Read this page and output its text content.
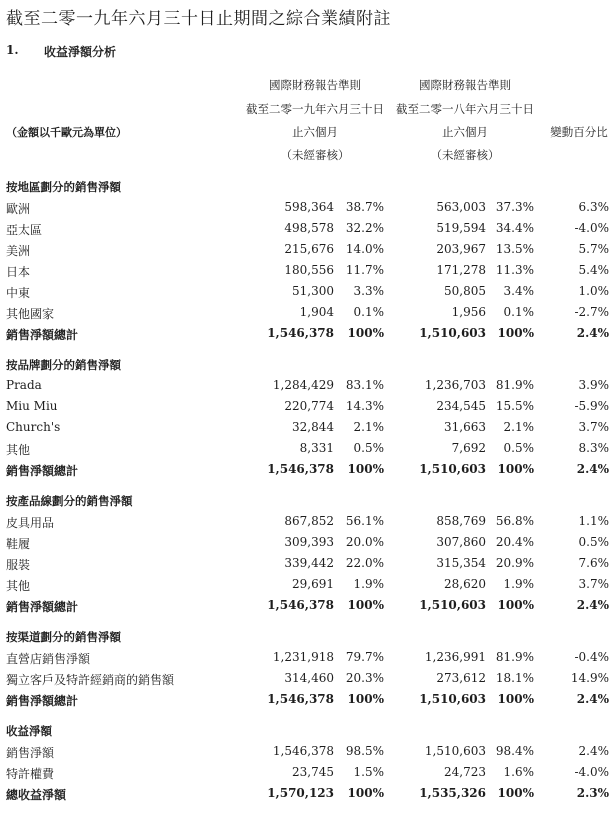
截至二零一九年六月三十日止期間之綜合業績附註
1. 收益淨額分析
國際財務報告準則
截至二零一九年六月三十日
止六個月
（未經審核）
國際財務報告準則
截至二零一八年六月三十日
止六個月
（未經審核）
（金額以千歐元為單位）	變動百分比
按地區劃分的銷售淨額
歐洲	598,364 38.7%	563,003 37.3%	6.3%
亞太區	498,578 32.2%	519,594 34.4%	-4.0%
美洲	215,676 14.0%	203,967 13.5%	5.7%
日本	180,556 11.7%	171,278 11.3%	5.4%
中東	51,300 3.3%	50,805 3.4%	1.0%
其他國家	1,904 0.1%	1,956 0.1%	-2.7%
銷售淨額總計	1,546,378 100%	1,510,603 100%	2.4%
按品牌劃分的銷售淨額
Prada	1,284,429 83.1%	1,236,703 81.9%	3.9%
Miu Miu	220,774 14.3%	234,545 15.5%	-5.9%
Church's	32,844 2.1%	31,663 2.1%	3.7%
其他	8,331 0.5%	7,692 0.5%	8.3%
銷售淨額總計	1,546,378 100%	1,510,603 100%	2.4%
按產品線劃分的銷售淨額
皮具用品	867,852 56.1%	858,769 56.8%	1.1%
鞋履	309,393 20.0%	307,860 20.4%	0.5%
服裝	339,442 22.0%	315,354 20.9%	7.6%
其他	29,691 1.9%	28,620 1.9%	3.7%
銷售淨額總計	1,546,378 100%	1,510,603 100%	2.4%
按渠道劃分的銷售淨額
直營店銷售淨額	1,231,918 79.7%	1,236,991 81.9%	-0.4%
獨立客戶及特許經銷商的銷售額	314,460 20.3%	273,612 18.1%	14.9%
銷售淨額總計	1,546,378 100%	1,510,603 100%	2.4%
收益淨額
銷售淨額	1,546,378 98.5%	1,510,603 98.4%	2.4%
特許權費	23,745 1.5%	24,723 1.6%	-4.0%
總收益淨額	1,570,123 100%	1,535,326 100%	2.3%
